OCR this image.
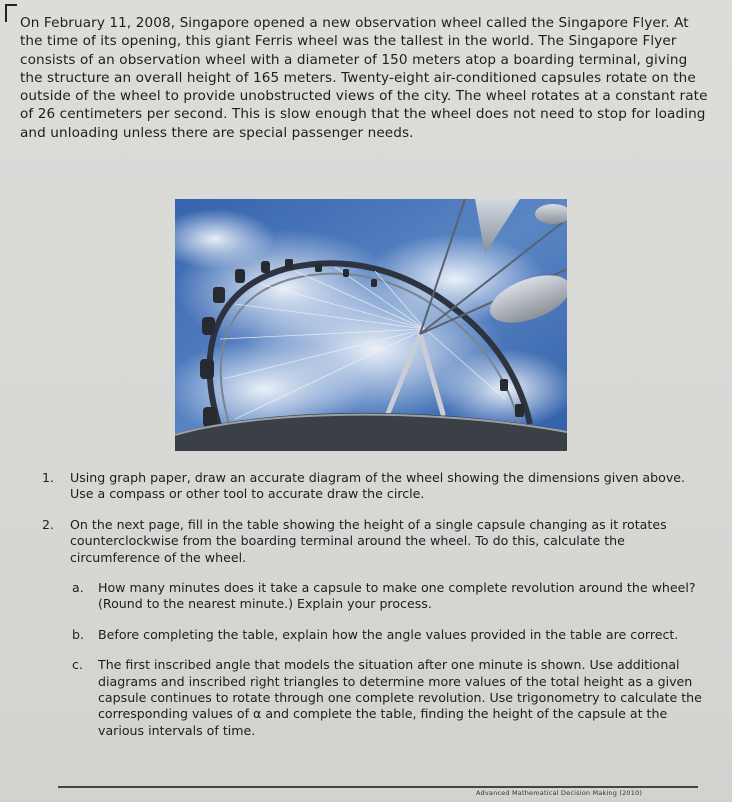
On February 11, 2008, Singapore opened a new observation wheel called the Singapore Flyer. At the time of its opening, this giant Ferris wheel was the tallest in the world. The Singapore Flyer consists of an observation wheel with a diameter of 150 meters atop a boarding terminal, giving the structure an overall height of 165 meters. Twenty-eight air-conditioned capsules rotate on the outside of the wheel to provide unobstructed views of the city. The wheel rotates at a constant rate of 26 centimeters per second. This is slow enough that the wheel does not need to stop for loading and unloading unless there are special passenger needs.
1. Using graph paper, draw an accurate diagram of the wheel showing the dimensions given above. Use a compass or other tool to accurate draw the circle.
2. On the next page, fill in the table showing the height of a single capsule changing as it rotates counterclockwise from the boarding terminal around the wheel. To do this, calculate the circumference of the wheel.
a. How many minutes does it take a capsule to make one complete revolution around the wheel? (Round to the nearest minute.) Explain your process.
b. Before completing the table, explain how the angle values provided in the table are correct.
c. The first inscribed angle that models the situation after one minute is shown. Use additional diagrams and inscribed right triangles to determine more values of the total height as a given capsule continues to rotate through one complete revolution. Use trigonometry to calculate the corresponding values of α and complete the table, finding the height of the capsule at the various intervals of time.
Advanced Mathematical Decision Making (2010)
